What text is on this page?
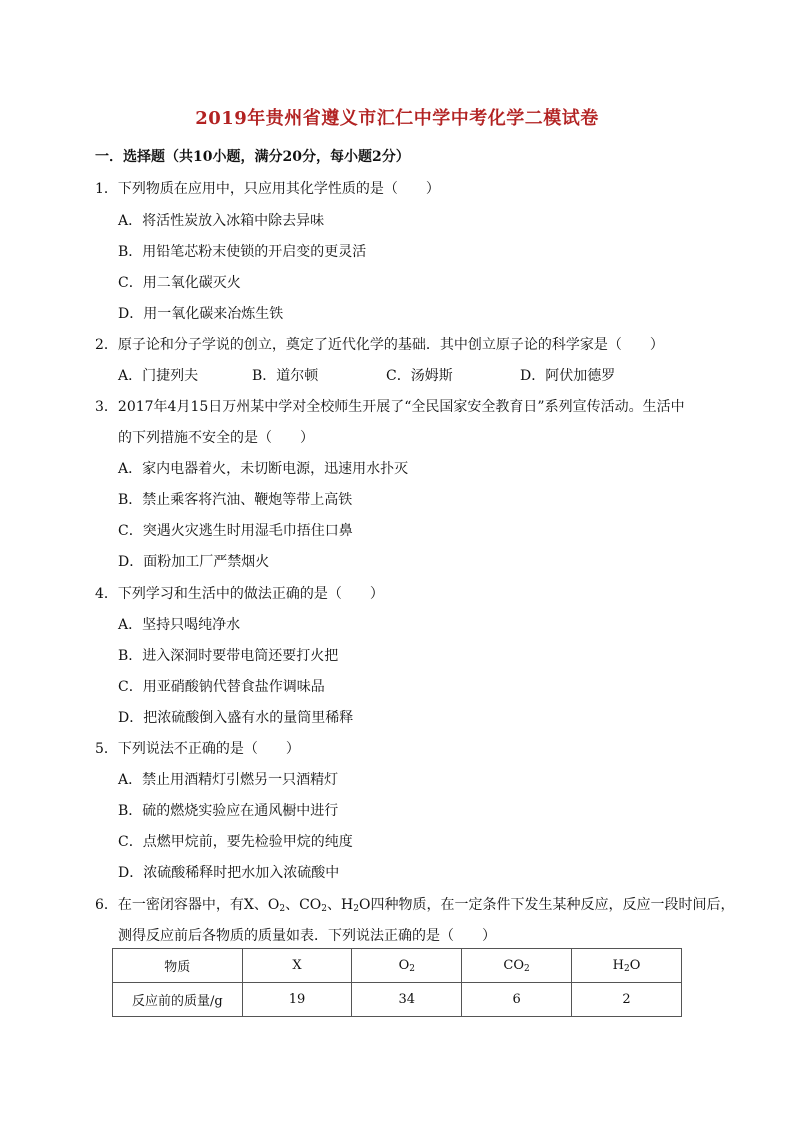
2019年贵州省遵义市汇仁中学中考化学二模试卷
一．选择题（共10小题，满分20分，每小题2分）
1．下列物质在应用中，只应用其化学性质的是（　　）
A．将活性炭放入冰箱中除去异味
B．用铅笔芯粉末使锁的开启变的更灵活
C．用二氧化碳灭火
D．用一氧化碳来冶炼生铁
2．原子论和分子学说的创立，奠定了近代化学的基础．其中创立原子论的科学家是（　　）
A．门捷列夫	B．道尔顿	C．汤姆斯	D．阿伏加德罗
3．2017年4月15日万州某中学对全校师生开展了“全民国家安全教育日”系列宣传活动。生活中
的下列措施不安全的是（　　）
A．家内电器着火，未切断电源，迅速用水扑灭
B．禁止乘客将汽油、鞭炮等带上高铁
C．突遇火灾逃生时用湿毛巾捂住口鼻
D．面粉加工厂严禁烟火
4．下列学习和生活中的做法正确的是（　　）
A．坚持只喝纯净水
B．进入深洞时要带电筒还要打火把
C．用亚硝酸钠代替食盐作调味品
D．把浓硫酸倒入盛有水的量筒里稀释
5．下列说法不正确的是（　　）
A．禁止用酒精灯引燃另一只酒精灯
B．硫的燃烧实验应在通风橱中进行
C．点燃甲烷前，要先检验甲烷的纯度
D．浓硫酸稀释时把水加入浓硫酸中
6．在一密闭容器中，有X、$O_2$、$CO_2$、$H_2O$四种物质，在一定条件下发生某种反应，反应一段时间后，
测得反应前后各物质的质量如表．下列说法正确的是（　　）
物质	X	$O_2$	$CO_2$	$H_2O$
反应前的质量/g	19	34	6	2
